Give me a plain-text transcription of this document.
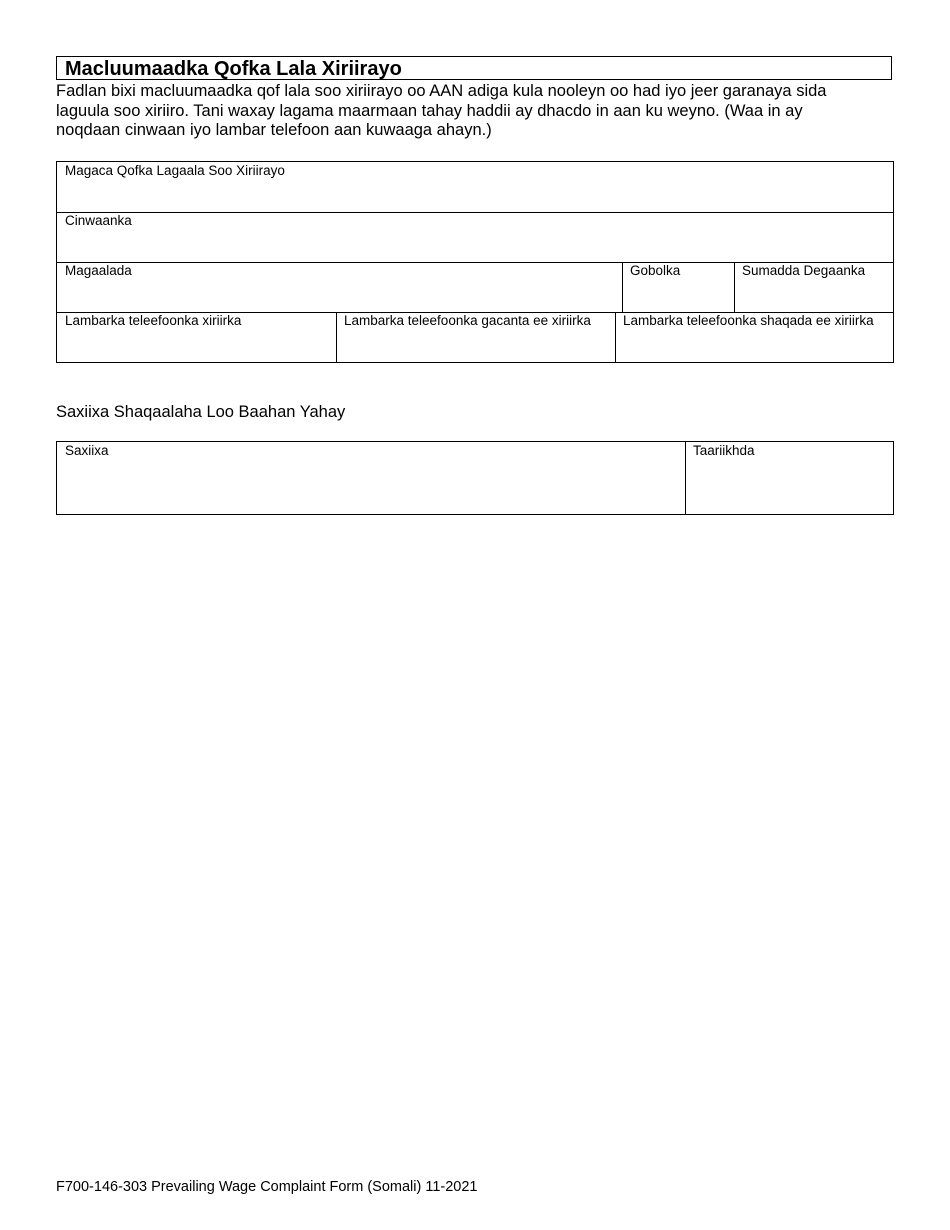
Macluumaadka Qofka Lala Xiriirayo
Fadlan bixi macluumaadka qof lala soo xiriirayo oo AAN adiga kula nooleyn oo had iyo jeer garanaya sida
laguula soo xiriiro. Tani waxay lagama maarmaan tahay haddii ay dhacdo in aan ku weyno. (Waa in ay
noqdaan cinwaan iyo lambar telefoon aan kuwaaga ahayn.)
Magaca Qofka Lagaala Soo Xiriirayo
Cinwaanka
Magaalada	Gobolka	Sumadda Degaanka
Lambarka teleefoonka xiriirka	Lambarka teleefoonka gacanta ee xiriirka	Lambarka teleefoonka shaqada ee xiriirka
Saxiixa Shaqaalaha Loo Baahan Yahay
Saxiixa	Taariikhda
F700-146-303 Prevailing Wage Complaint Form (Somali) 11-2021
